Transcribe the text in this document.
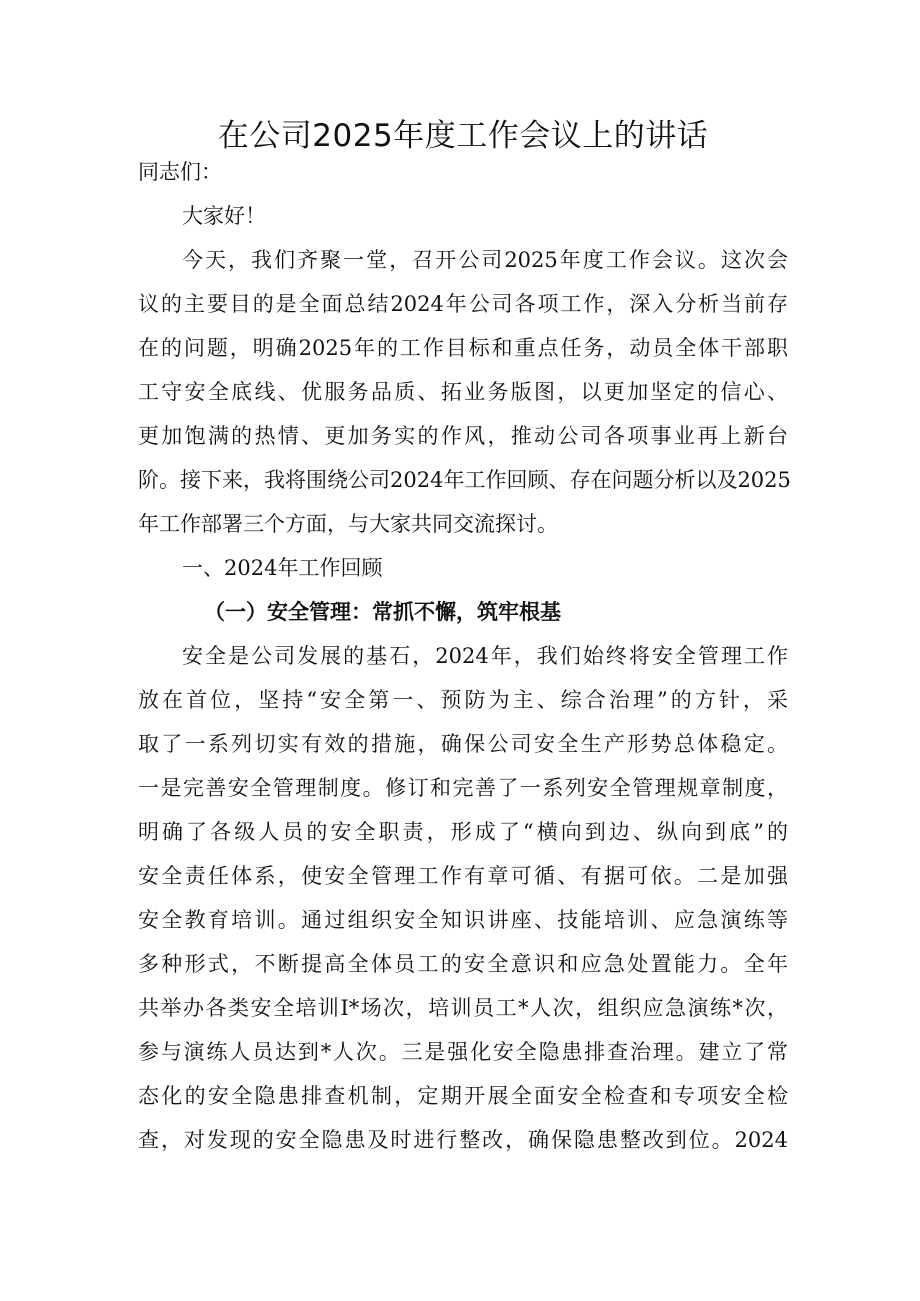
在公司2025年度工作会议上的讲话
同志们：
大家好！
今天，我们齐聚一堂，召开公司2025年度工作会议。这次会
议的主要目的是全面总结2024年公司各项工作，深入分析当前存
在的问题，明确2025年的工作目标和重点任务，动员全体干部职
工守安全底线、优服务品质、拓业务版图，以更加坚定的信心、
更加饱满的热情、更加务实的作风，推动公司各项事业再上新台
阶。接下来，我将围绕公司2024年工作回顾、存在问题分析以及2025
年工作部署三个方面，与大家共同交流探讨。
一、2024年工作回顾
（一）安全管理：常抓不懈，筑牢根基
安全是公司发展的基石，2024年，我们始终将安全管理工作
放在首位，坚持“安全第一、预防为主、综合治理”的方针，采
取了一系列切实有效的措施，确保公司安全生产形势总体稳定。
一是完善安全管理制度。修订和完善了一系列安全管理规章制度，
明确了各级人员的安全职责，形成了“横向到边、纵向到底”的
安全责任体系，使安全管理工作有章可循、有据可依。二是加强
安全教育培训。通过组织安全知识讲座、技能培训、应急演练等
多种形式，不断提高全体员工的安全意识和应急处置能力。全年
共举办各类安全培训I*场次，培训员工*人次，组织应急演练*次，
参与演练人员达到*人次。三是强化安全隐患排查治理。建立了常
态化的安全隐患排查机制，定期开展全面安全检查和专项安全检
查，对发现的安全隐患及时进行整改，确保隐患整改到位。2024
